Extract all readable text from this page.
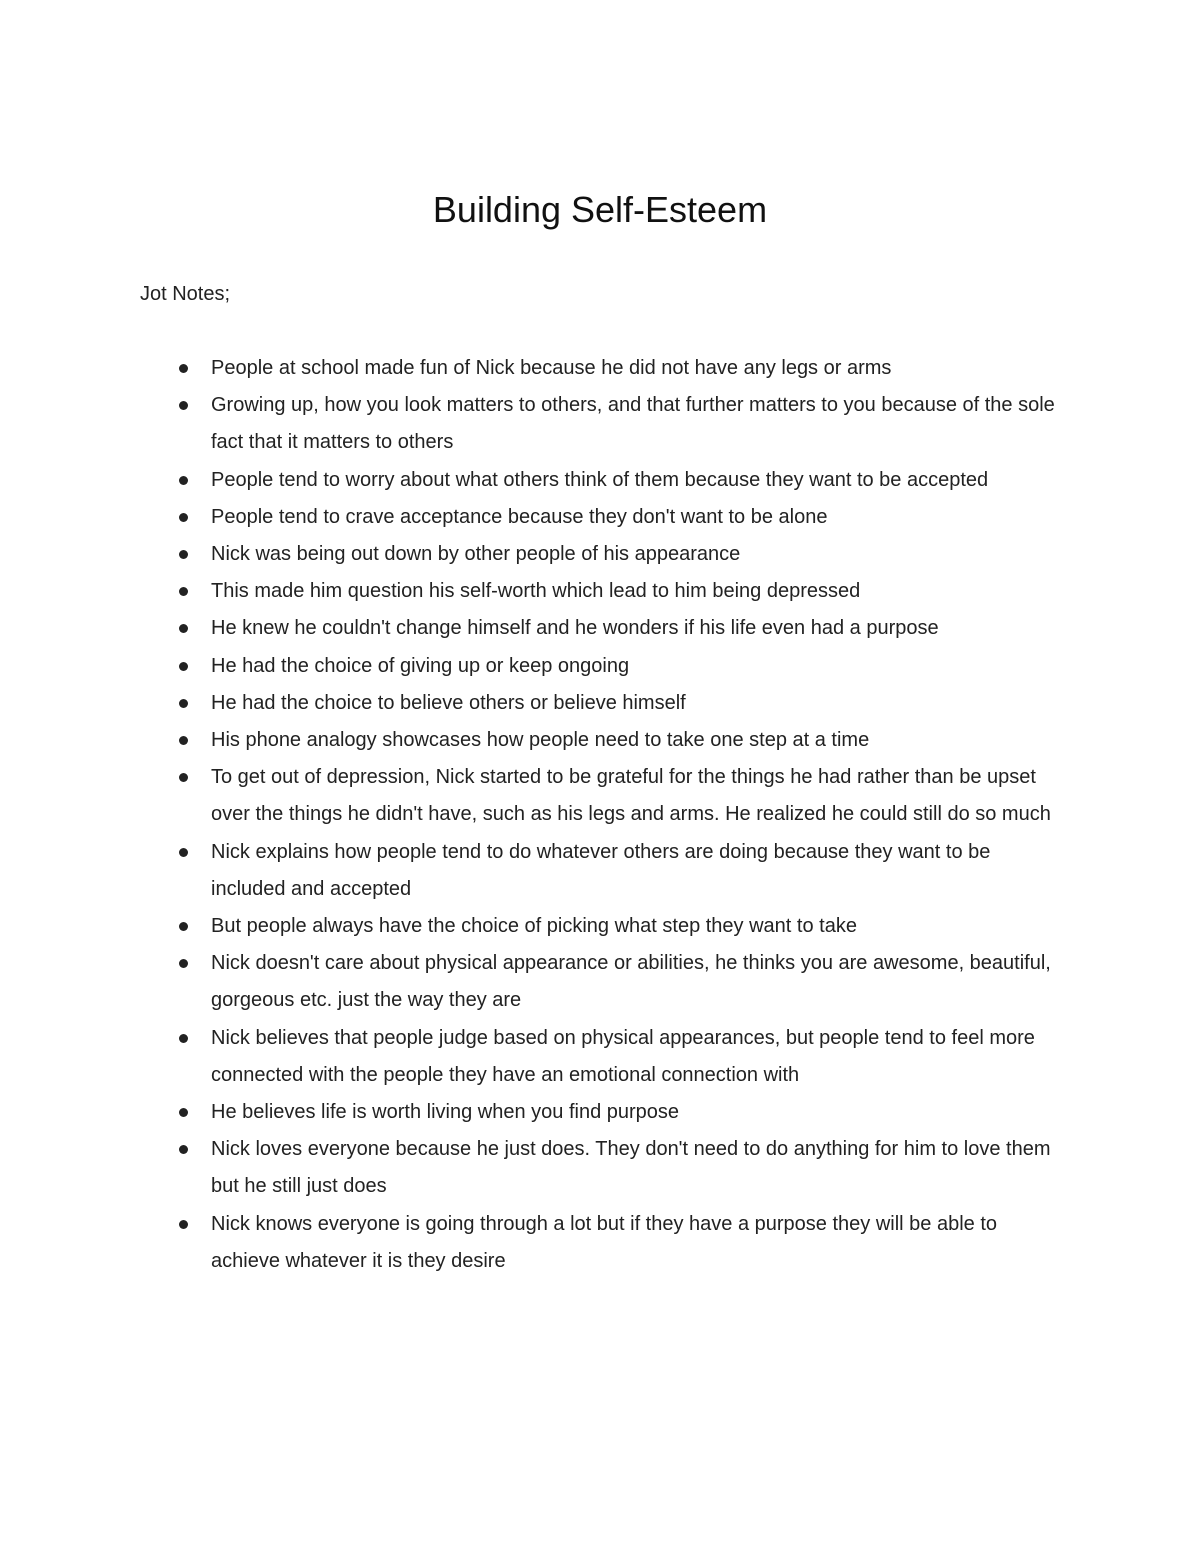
Building Self-Esteem

Jot Notes;

People at school made fun of Nick because he did not have any legs or arms
Growing up, how you look matters to others, and that further matters to you because of the sole fact that it matters to others
People tend to worry about what others think of them because they want to be accepted
People tend to crave acceptance because they don't want to be alone
Nick was being out down by other people of his appearance
This made him question his self-worth which lead to him being depressed
He knew he couldn't change himself and he wonders if his life even had a purpose
He had the choice of giving up or keep ongoing
He had the choice to believe others or believe himself
His phone analogy showcases how people need to take one step at a time
To get out of depression, Nick started to be grateful for the things he had rather than be upset over the things he didn't have, such as his legs and arms. He realized he could still do so much
Nick explains how people tend to do whatever others are doing because they want to be included and accepted
But people always have the choice of picking what step they want to take
Nick doesn't care about physical appearance or abilities, he thinks you are awesome, beautiful, gorgeous etc. just the way they are
Nick believes that people judge based on physical appearances, but people tend to feel more connected with the people they have an emotional connection with
He believes life is worth living when you find purpose
Nick loves everyone because he just does. They don't need to do anything for him to love them but he still just does
Nick knows everyone is going through a lot but if they have a purpose they will be able to achieve whatever it is they desire
